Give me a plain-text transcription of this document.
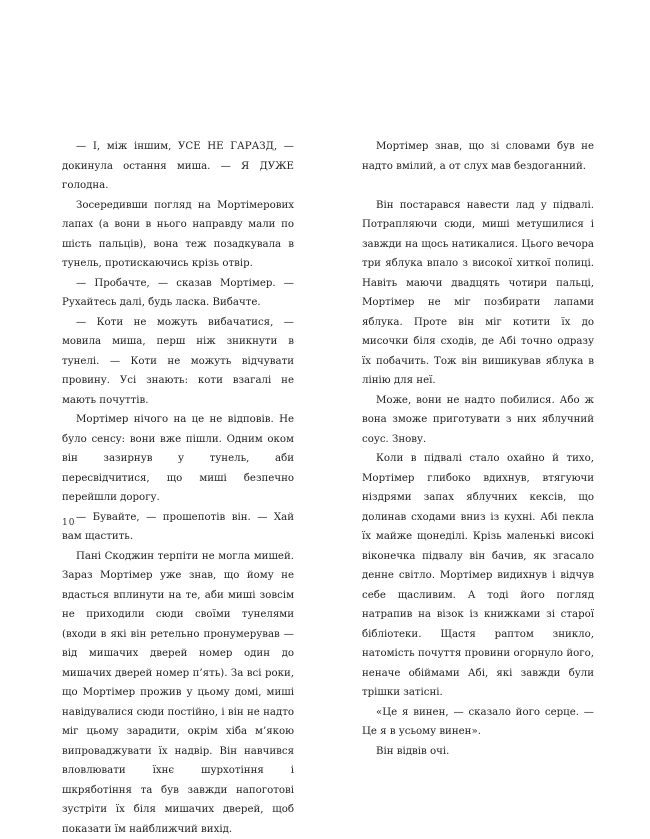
— І, між іншим, УСЕ НЕ ГАРАЗД, — докинула остання миша. — Я ДУЖЕ голодна.

Зосередивши погляд на Мортімерових лапах (а вони в нього направду мали по шість пальців), вона теж позадкувала в тунель, протискаючись крізь отвір.

— Пробачте, — сказав Мортімер. — Рухайтесь далі, будь ласка. Вибачте.

— Коти не можуть вибачатися, — мовила миша, перш ніж зникнути в тунелі. — Коти не можуть відчувати провину. Усі знають: коти взагалі не мають почуттів.

Мортімер нічого на це не відповів. Не було сенсу: вони вже пішли. Одним оком він зазирнув у тунель, аби пересвідчитися, що миші безпечно перейшли дорогу.

— Бувайте, — прошепотів він. — Хай вам щастить.

Пані Скоджин терпіти не могла мишей. Зараз Мортімер уже знав, що йому не вдасться вплинути на те, аби миші зовсім не приходили сюди своїми тунелями (входи в які він ретельно пронумерував — від мишачих дверей номер один до мишачих дверей номер п’ять). За всі роки, що Мортімер прожив у цьому домі, миші навідувалися сюди постійно, і він не надто міг цьому зарадити, окрім хіба м’якою випроваджувати їх надвір. Він навчився вловлювати їхнє шурхотіння і шкряботіння та був завжди напоготові зустріти їх біля мишачих дверей, щоб показати їм найближчий вихід.

10

Мортімер знав, що зі словами був не надто вмілий, а от слух мав бездоганний.

Він постарався навести лад у підвалі. Потрапляючи сюди, миші метушилися і завжди на щось натикалися. Цього вечора три яблука впало з високої хиткої полиці. Навіть маючи двадцять чотири пальці, Мортімер не міг позбирати лапами яблука. Проте він міг котити їх до мисочки біля сходів, де Абі точно одразу їх побачить. Тож він вишикував яблука в лінію для неї.

Може, вони не надто побилися. Або ж вона зможе приготувати з них яблучний соус. Знову.

Коли в підвалі стало охайно й тихо, Мортімер глибоко вдихнув, втягуючи ніздрями запах яблучних кексів, що долинав сходами вниз із кухні. Абі пекла їх майже щонеділі. Крізь маленькі високі віконечка підвалу він бачив, як згасало денне світло. Мортімер видихнув і відчув себе щасливим. А тоді його погляд натрапив на візок із книжками зі старої бібліотеки. Щастя раптом зникло, натомість почуття провини огорнуло його, неначе обіймами Абі, які завжди були трішки затісні.

«Це я винен, — сказало його серце. — Це я в усьому винен».

Він відвів очі.
